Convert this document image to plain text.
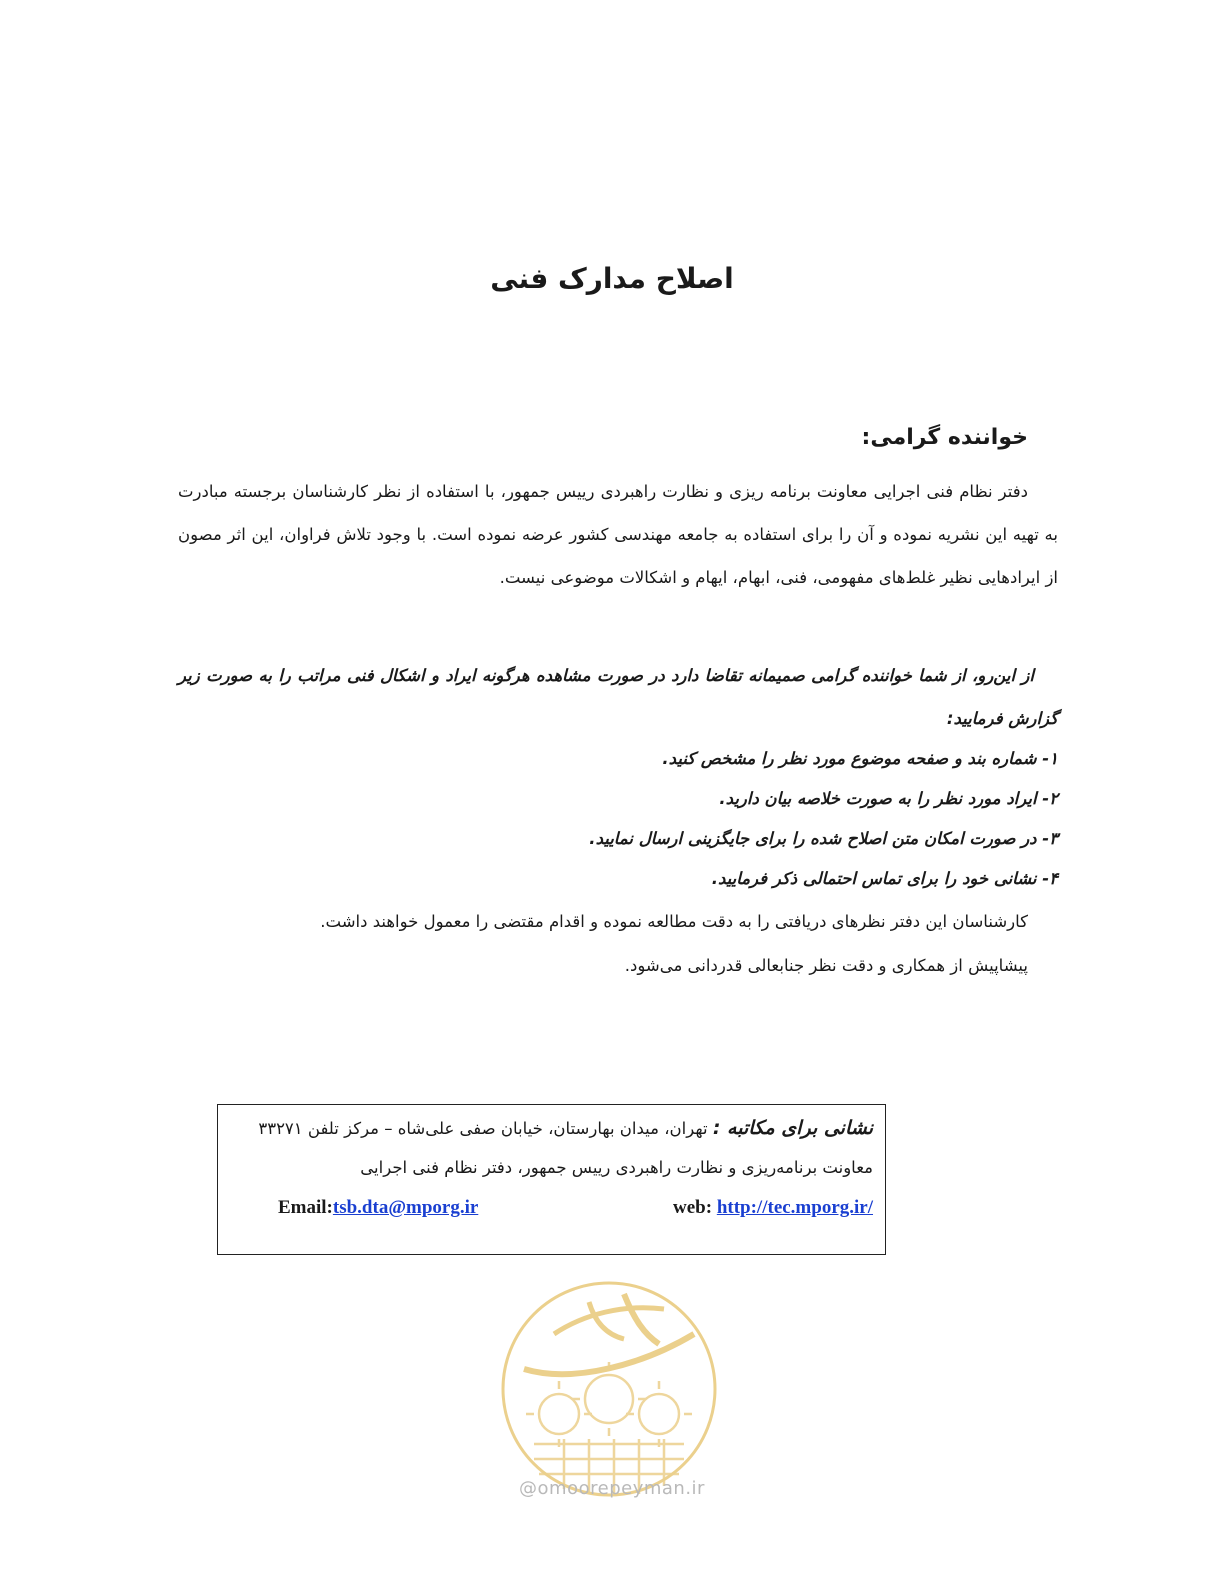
اصلاح مدارک فنی
خواننده گرامی:

دفتر نظام فنی اجرایی معاونت برنامه ریزی و نظارت راهبردی رییس جمهور، با استفاده از نظر کارشناسان برجسته مبادرت به تهیه این نشریه نموده و آن را برای استفاده به جامعه مهندسی کشور عرضه نموده است. با وجود تلاش فراوان، این اثر مصون از ایرادهایی نظیر غلط‌های مفهومی، فنی، ابهام، ایهام و اشکالات موضوعی نیست.

از این‌رو، از شما خواننده گرامی صمیمانه تقاضا دارد در صورت مشاهده هرگونه ایراد و اشکال فنی مراتب را به صورت زیر گزارش فرمایید:

۱- شماره بند و صفحه موضوع مورد نظر را مشخص کنید.
۲- ایراد مورد نظر را به صورت خلاصه بیان دارید.
۳- در صورت امکان متن اصلاح شده را برای جایگزینی ارسال نمایید.
۴- نشانی خود را برای تماس احتمالی ذکر فرمایید.

کارشناسان این دفتر نظرهای دریافتی را به دقت مطالعه نموده و اقدام مقتضی را معمول خواهند داشت.

پیشاپیش از همکاری و دقت نظر جنابعالی قدردانی می‌شود.

نشانی برای مکاتبه : تهران، میدان بهارستان، خیابان صفی علی‌شاه – مرکز تلفن ۳۳۲۷۱
معاونت برنامه‌ریزی و نظارت راهبردی رییس جمهور، دفتر نظام فنی اجرایی
web: http://tec.mporg.ir/
Email:tsb.dta@mporg.ir
@omoorepeyman.ir
